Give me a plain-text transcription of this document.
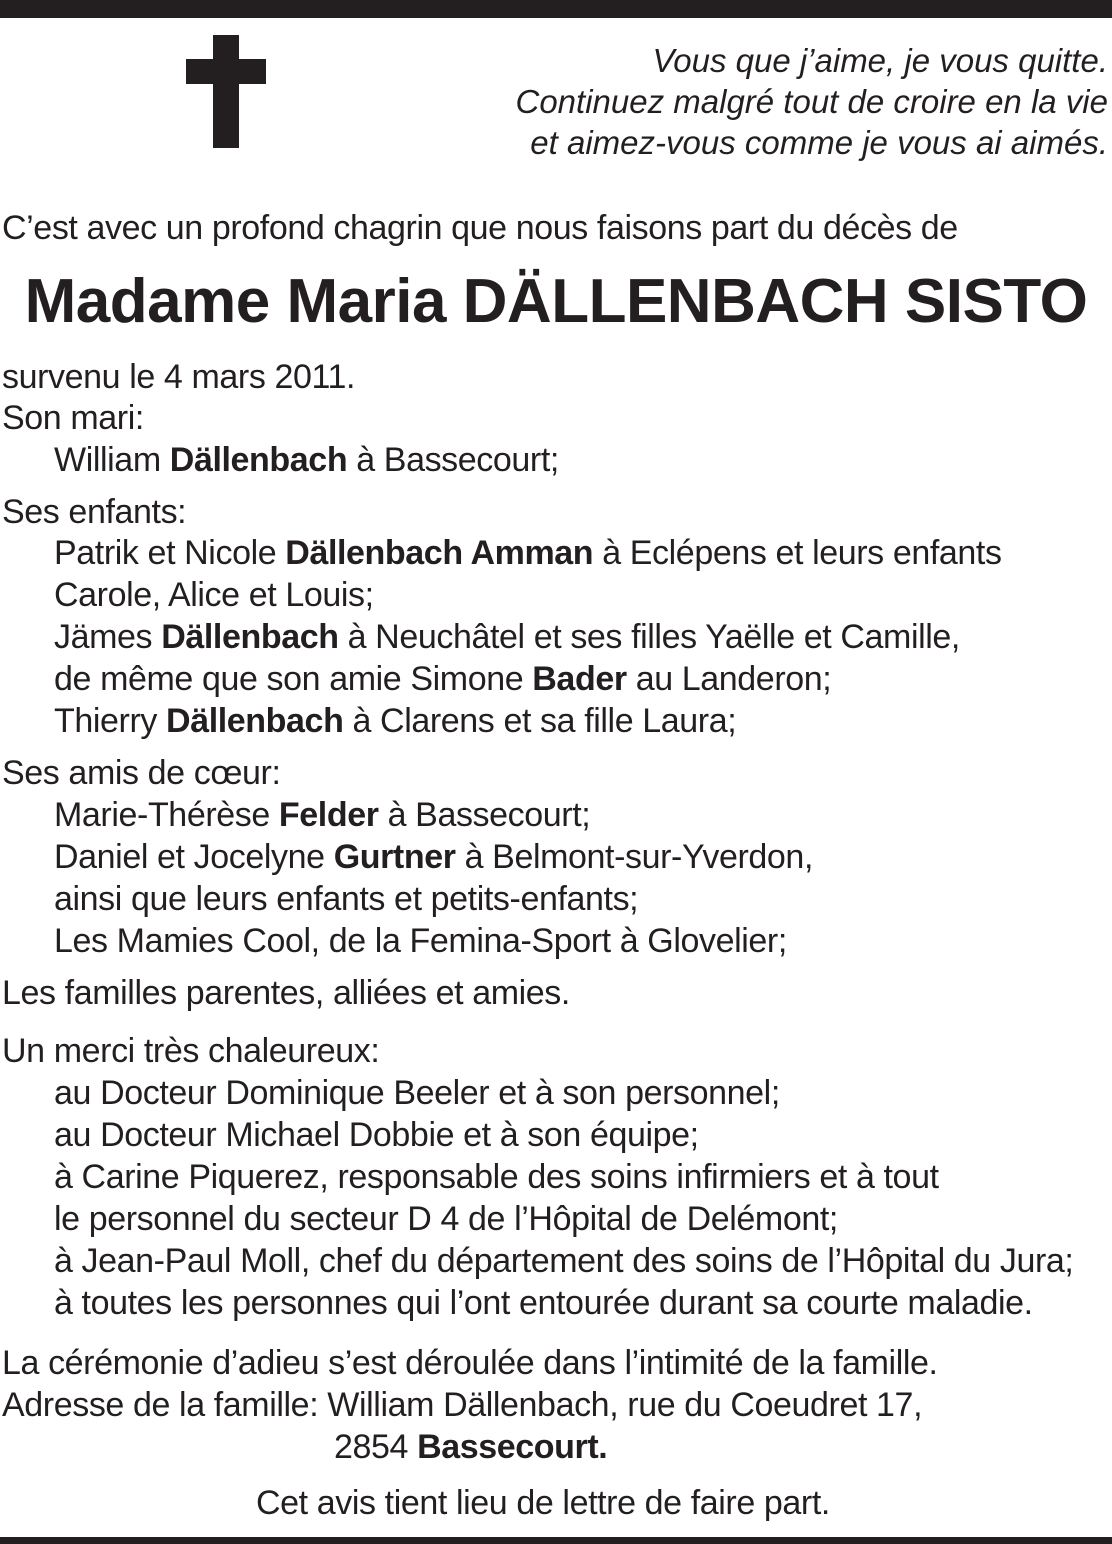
Vous que j’aime, je vous quitte.
Continuez malgré tout de croire en la vie
et aimez-vous comme je vous ai aimés.
C’est avec un profond chagrin que nous faisons part du décès de
Madame Maria DÄLLENBACH SISTO
survenu le 4 mars 2011.
Son mari:
William Dällenbach à Bassecourt;
Ses enfants:
Patrik et Nicole Dällenbach Amman à Eclépens et leurs enfants
Carole, Alice et Louis;
Jämes Dällenbach à Neuchâtel et ses filles Yaëlle et Camille,
de même que son amie Simone Bader au Landeron;
Thierry Dällenbach à Clarens et sa fille Laura;
Ses amis de cœur:
Marie-Thérèse Felder à Bassecourt;
Daniel et Jocelyne Gurtner à Belmont-sur-Yverdon,
ainsi que leurs enfants et petits-enfants;
Les Mamies Cool, de la Femina-Sport à Glovelier;
Les familles parentes, alliées et amies.
Un merci très chaleureux:
au Docteur Dominique Beeler et à son personnel;
au Docteur Michael Dobbie et à son équipe;
à Carine Piquerez, responsable des soins infirmiers et à tout
le personnel du secteur D 4 de l’Hôpital de Delémont;
à Jean-Paul Moll, chef du département des soins de l’Hôpital du Jura;
à toutes les personnes qui l’ont entourée durant sa courte maladie.
La cérémonie d’adieu s’est déroulée dans l’intimité de la famille.
Adresse de la famille: William Dällenbach, rue du Coeudret 17,
2854 Bassecourt.
Cet avis tient lieu de lettre de faire part.
